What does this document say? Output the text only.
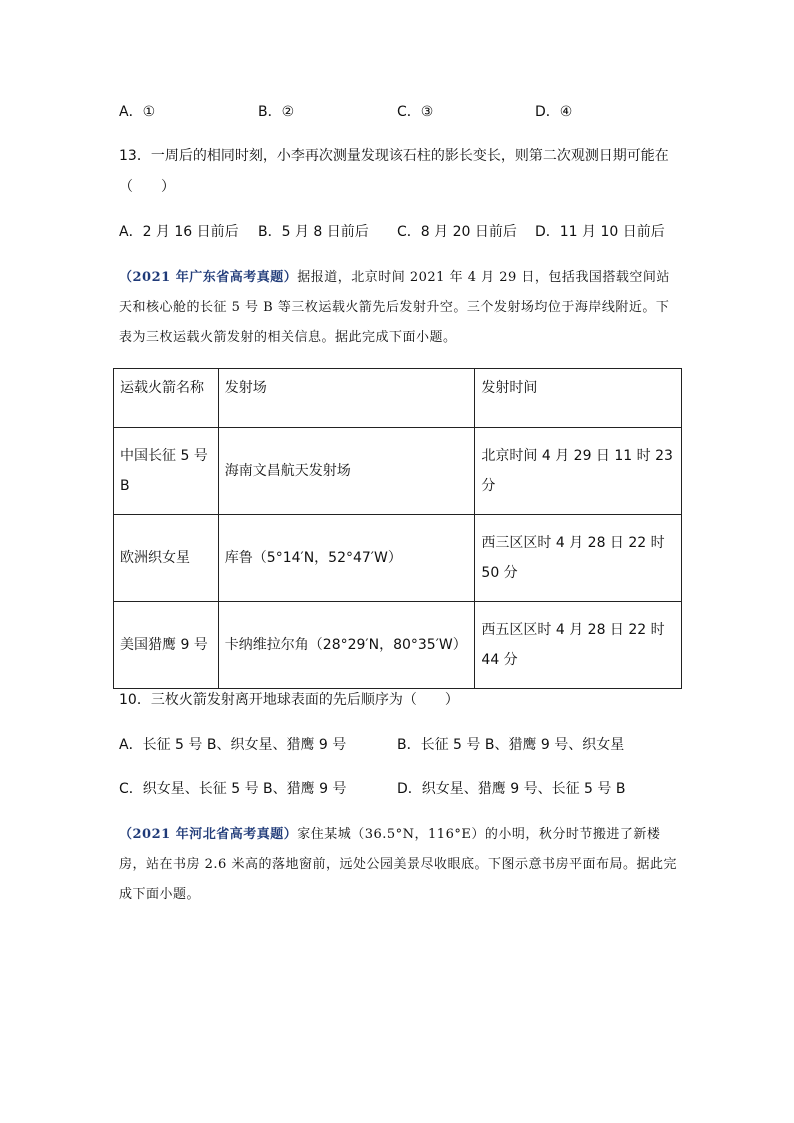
A．①	B．②	C．③	D．④
13．一周后的相同时刻，小李再次测量发现该石柱的影长变长，则第二次观测日期可能在
（　　）
A．2 月 16 日前后 B．5 月 8 日前后 C．8 月 20 日前后 D．11 月 10 日前后
（2021 年广东省高考真题）据报道，北京时间 2021 年 4 月 29 日，包括我国搭载空间站天和核心舱的长征 5 号 B 等三枚运载火箭先后发射升空。三个发射场均位于海岸线附近。下表为三枚运载火箭发射的相关信息。据此完成下面小题。
运载火箭名称	发射场	发射时间
中国长征 5 号 B	海南文昌航天发射场	北京时间 4 月 29 日 11 时 23 分
欧洲织女星	库鲁（5°14′N，52°47′W）	西三区区时 4 月 28 日 22 时 50 分
美国猎鹰 9 号	卡纳维拉尔角（28°29′N，80°35′W）	西五区区时 4 月 28 日 22 时 44 分
10．三枚火箭发射离开地球表面的先后顺序为（　　）
A．长征 5 号 B、织女星、猎鹰 9 号	B．长征 5 号 B、猎鹰 9 号、织女星
C．织女星、长征 5 号 B、猎鹰 9 号	D．织女星、猎鹰 9 号、长征 5 号 B
（2021 年河北省高考真题）家住某城（36.5°N，116°E）的小明，秋分时节搬进了新楼房，站在书房 2.6 米高的落地窗前，远处公园美景尽收眼底。下图示意书房平面布局。据此完成下面小题。
